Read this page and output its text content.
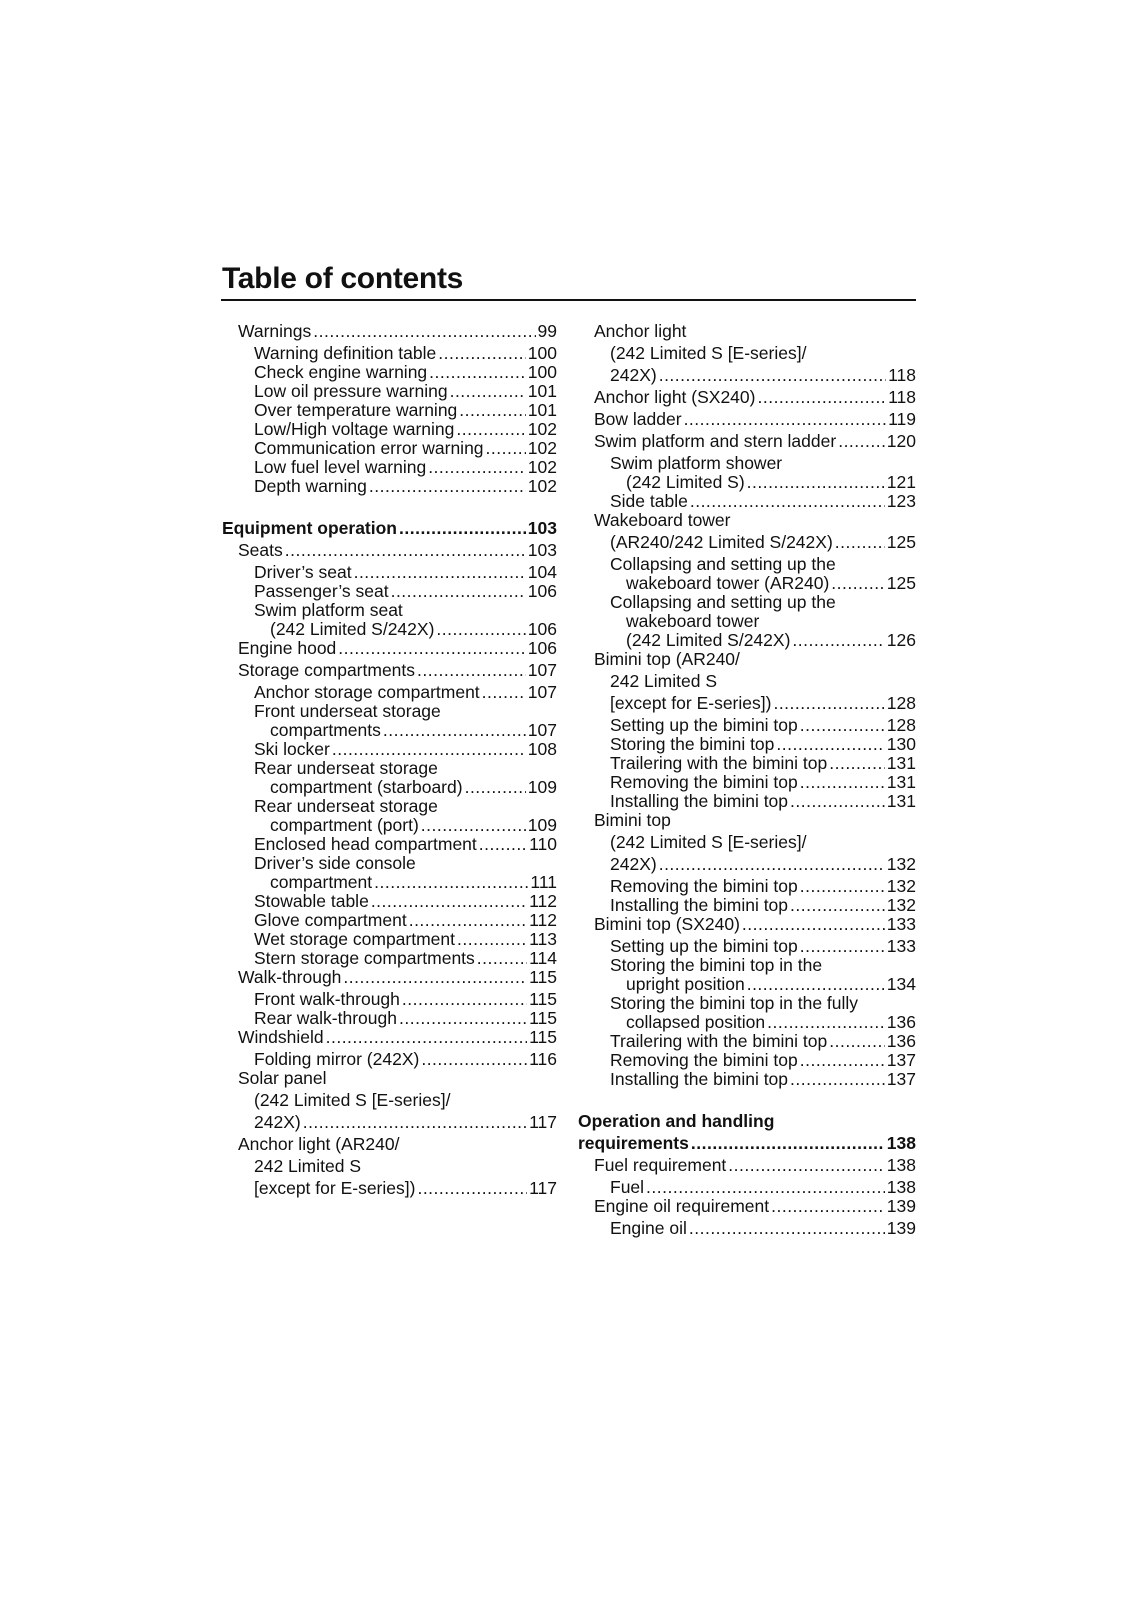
Table of contents
Warnings .....	99
Warning definition table .....	100
Check engine warning .....	100
Low oil pressure warning .....	101
Over temperature warning .....	101
Low/High voltage warning .....	102
Communication error warning .....	102
Low fuel level warning .....	102
Depth warning .....	102
Equipment operation .....	103
Seats .....	103
Driver’s seat .....	104
Passenger’s seat .....	106
Swim platform seat
(242 Limited S/242X) .....	106
Engine hood .....	106
Storage compartments .....	107
Anchor storage compartment .....	107
Front underseat storage
compartments .....	107
Ski locker .....	108
Rear underseat storage
compartment (starboard) .....	109
Rear underseat storage
compartment (port) .....	109
Enclosed head compartment .....	110
Driver’s side console
compartment .....	111
Stowable table .....	112
Glove compartment .....	112
Wet storage compartment .....	113
Stern storage compartments .....	114
Walk-through .....	115
Front walk-through .....	115
Rear walk-through .....	115
Windshield .....	115
Folding mirror (242X) .....	116
Solar panel
(242 Limited S [E-series]/
242X) .....	117
Anchor light (AR240/
242 Limited S
[except for E-series]) .....	117
Anchor light
(242 Limited S [E-series]/
242X) .....	118
Anchor light (SX240) .....	118
Bow ladder .....	119
Swim platform and stern ladder .....	120
Swim platform shower
(242 Limited S) .....	121
Side table .....	123
Wakeboard tower
(AR240/242 Limited S/242X) .....	125
Collapsing and setting up the
wakeboard tower (AR240) .....	125
Collapsing and setting up the
wakeboard tower
(242 Limited S/242X) .....	126
Bimini top (AR240/
242 Limited S
[except for E-series]) .....	128
Setting up the bimini top .....	128
Storing the bimini top .....	130
Trailering with the bimini top .....	131
Removing the bimini top .....	131
Installing the bimini top .....	131
Bimini top
(242 Limited S [E-series]/
242X) .....	132
Removing the bimini top .....	132
Installing the bimini top .....	132
Bimini top (SX240) .....	133
Setting up the bimini top .....	133
Storing the bimini top in the
upright position .....	134
Storing the bimini top in the fully
collapsed position .....	136
Trailering with the bimini top .....	136
Removing the bimini top .....	137
Installing the bimini top .....	137
Operation and handling
requirements .....	138
Fuel requirement .....	138
Fuel .....	138
Engine oil requirement .....	139
Engine oil .....	139
